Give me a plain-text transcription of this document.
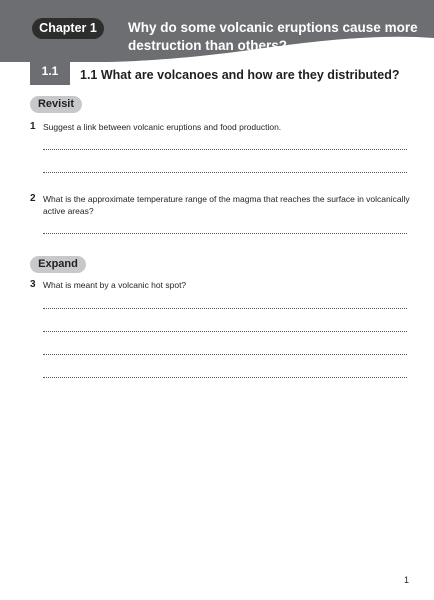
Chapter 1	Why do some volcanic eruptions cause more destruction than others?
1.1	1.1 What are volcanoes and how are they distributed?
Revisit
1 Suggest a link between volcanic eruptions and food production.
2 What is the approximate temperature range of the magma that reaches the surface in volcanically active areas?
Expand
3 What is meant by a volcanic hot spot?
1
